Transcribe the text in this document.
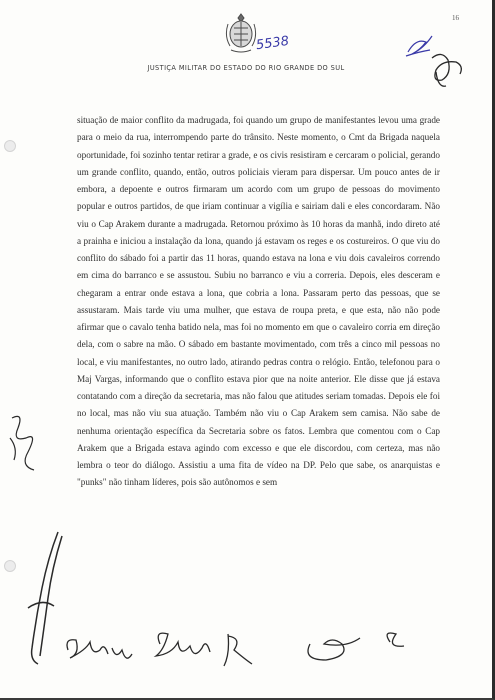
16
5538
JUSTIÇA MILITAR DO ESTADO DO RIO GRANDE DO SUL

situação de maior conflito da madrugada, foi quando um grupo de manifestantes levou uma grade para o meio da rua, interrompendo parte do trânsito. Neste momento, o Cmt da Brigada naquela oportunidade, foi sozinho tentar retirar a grade, e os civis resistiram e cercaram o policial, gerando um grande conflito, quando, então, outros policiais vieram para dispersar. Um pouco antes de ir embora, a depoente e outros firmaram um acordo com um grupo de pessoas do movimento popular e outros partidos, de que iriam continuar a vigília e sairiam dali e eles concordaram. Não viu o Cap Arakem durante a madrugada. Retornou próximo às 10 horas da manhã, indo direto até a prainha e iniciou a instalação da lona, quando já estavam os reges e os costureiros. O que viu do conflito do sábado foi a partir das 11 horas, quando estava na lona e viu dois cavaleiros correndo em cima do barranco e se assustou. Subiu no barranco e viu a correria. Depois, eles desceram e chegaram a entrar onde estava a lona, que cobria a lona. Passaram perto das pessoas, que se assustaram. Mais tarde viu uma mulher, que estava de roupa preta, e que esta, não não pode afirmar que o cavalo tenha batido nela, mas foi no momento em que o cavaleiro corria em direção dela, com o sabre na mão. O sábado em bastante movimentado, com três a cinco mil pessoas no local, e viu manifestantes, no outro lado, atirando pedras contra o relógio. Então, telefonou para o Maj Vargas, informando que o conflito estava pior que na noite anterior. Ele disse que já estava contatando com a direção da secretaria, mas não falou que atitudes seriam tomadas. Depois ele foi no local, mas não viu sua atuação. Também não viu o Cap Arakem sem camisa. Não sabe de nenhuma orientação específica da Secretaria sobre os fatos. Lembra que comentou com o Cap Arakem que a Brigada estava agindo com excesso e que ele discordou, com certeza, mas não lembra o teor do diálogo. Assistiu a uma fita de vídeo na DP. Pelo que sabe, os anarquistas e "punks" não tinham líderes, pois são autônomos e sem
